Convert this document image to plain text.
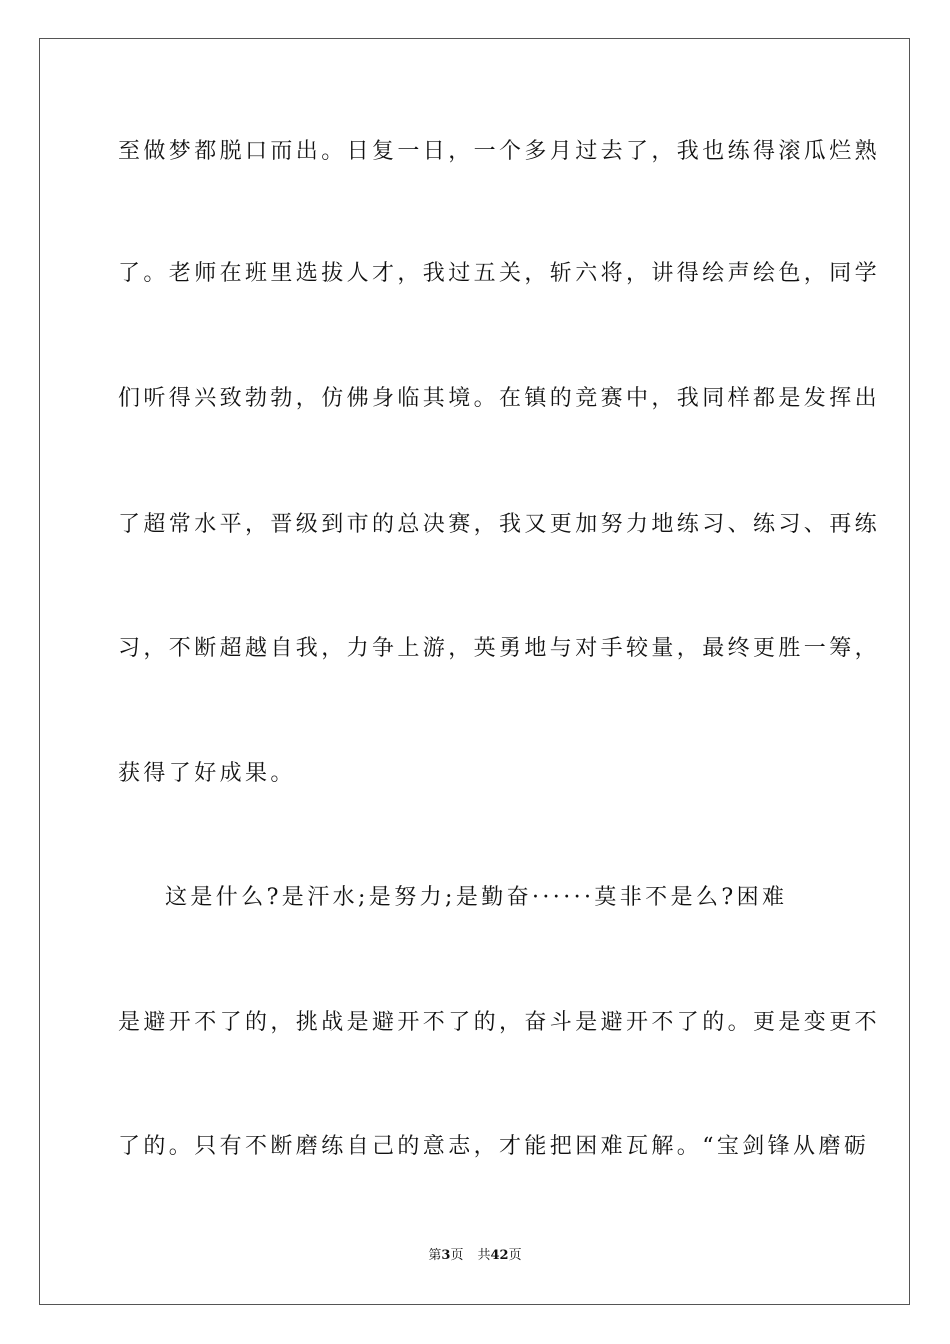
至做梦都脱口而出。日复一日，一个多月过去了，我也练得滚瓜烂熟
了。老师在班里选拔人才，我过五关，斩六将，讲得绘声绘色，同学
们听得兴致勃勃，仿佛身临其境。在镇的竞赛中，我同样都是发挥出
了超常水平，晋级到市的总决赛，我又更加努力地练习、练习、再练
习，不断超越自我，力争上游，英勇地与对手较量，最终更胜一筹，
获得了好成果。
这是什么?是汗水;是努力;是勤奋······莫非不是么?困难
是避开不了的，挑战是避开不了的，奋斗是避开不了的。更是变更不
了的。只有不断磨练自己的意志，才能把困难瓦解。“宝剑锋从磨砺
第3页 共42页
